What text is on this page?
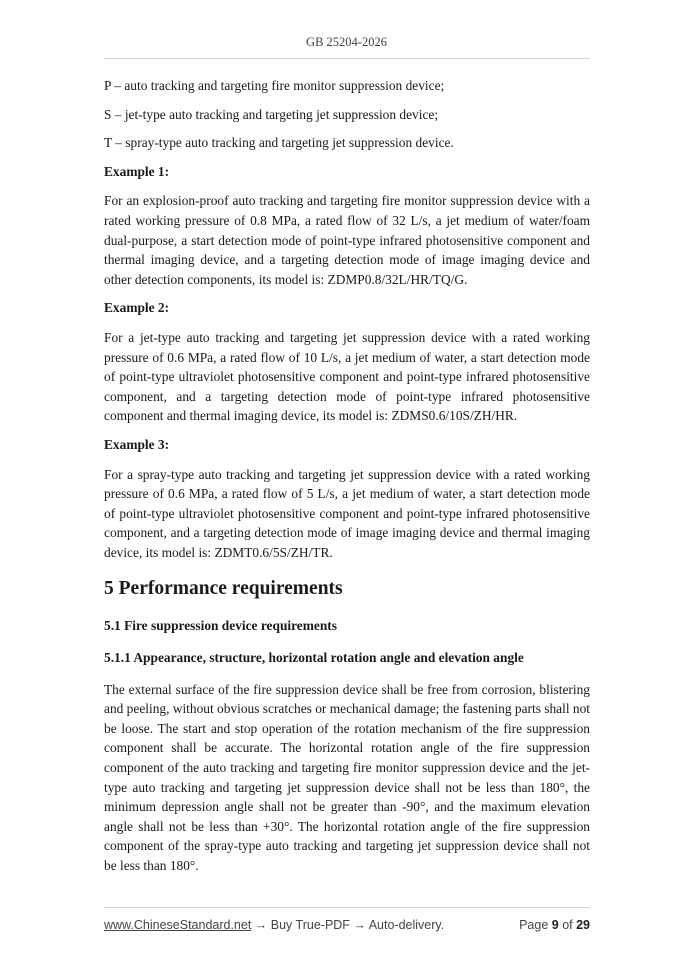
GB 25204-2026

P – auto tracking and targeting fire monitor suppression device;

S – jet-type auto tracking and targeting jet suppression device;

T – spray-type auto tracking and targeting jet suppression device.

Example 1:

For an explosion-proof auto tracking and targeting fire monitor suppression device with a rated working pressure of 0.8 MPa, a rated flow of 32 L/s, a jet medium of water/foam dual-purpose, a start detection mode of point-type infrared photosensitive component and thermal imaging device, and a targeting detection mode of image imaging device and other detection components, its model is: ZDMP0.8/32L/HR/TQ/G.

Example 2:

For a jet-type auto tracking and targeting jet suppression device with a rated working pressure of 0.6 MPa, a rated flow of 10 L/s, a jet medium of water, a start detection mode of point-type ultraviolet photosensitive component and point-type infrared photosensitive component, and a targeting detection mode of point-type infrared photosensitive component and thermal imaging device, its model is: ZDMS0.6/10S/ZH/HR.

Example 3:

For a spray-type auto tracking and targeting jet suppression device with a rated working pressure of 0.6 MPa, a rated flow of 5 L/s, a jet medium of water, a start detection mode of point-type ultraviolet photosensitive component and point-type infrared photosensitive component, and a targeting detection mode of image imaging device and thermal imaging device, its model is: ZDMT0.6/5S/ZH/TR.

5 Performance requirements
5.1 Fire suppression device requirements
5.1.1 Appearance, structure, horizontal rotation angle and elevation angle

The external surface of the fire suppression device shall be free from corrosion, blistering and peeling, without obvious scratches or mechanical damage; the fastening parts shall not be loose. The start and stop operation of the rotation mechanism of the fire suppression component shall be accurate. The horizontal rotation angle of the fire suppression component of the auto tracking and targeting fire monitor suppression device and the jet-type auto tracking and targeting jet suppression device shall not be less than 180°, the minimum depression angle shall not be greater than -90°, and the maximum elevation angle shall not be less than +30°. The horizontal rotation angle of the fire suppression component of the spray-type auto tracking and targeting jet suppression device shall not be less than 180°.

www.ChineseStandard.net → Buy True-PDF → Auto-delivery.	Page 9 of 29
